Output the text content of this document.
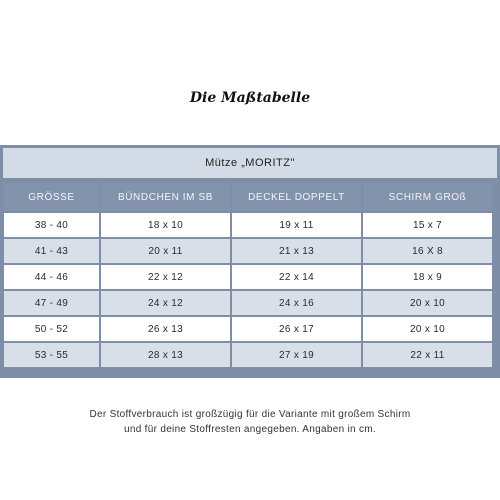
Die Maßtabelle
Mütze „MORITZ"
GRÖSSE	BÜNDCHEN IM SB	DECKEL DOPPELT	SCHIRM GROß
38 - 40	18 x 10	19 x 11	15 x 7
41 - 43	20 x 11	21 x 13	16 X 8
44 - 46	22 x 12	22 x 14	18 x 9
47 - 49	24 x 12	24 x 16	20 x 10
50 - 52	26 x 13	26 x 17	20 x 10
53 - 55	28 x 13	27 x 19	22 x 11
Der Stoffverbrauch ist großzügig für die Variante mit großem Schirm
und für deine Stoffresten angegeben. Angaben in cm.
